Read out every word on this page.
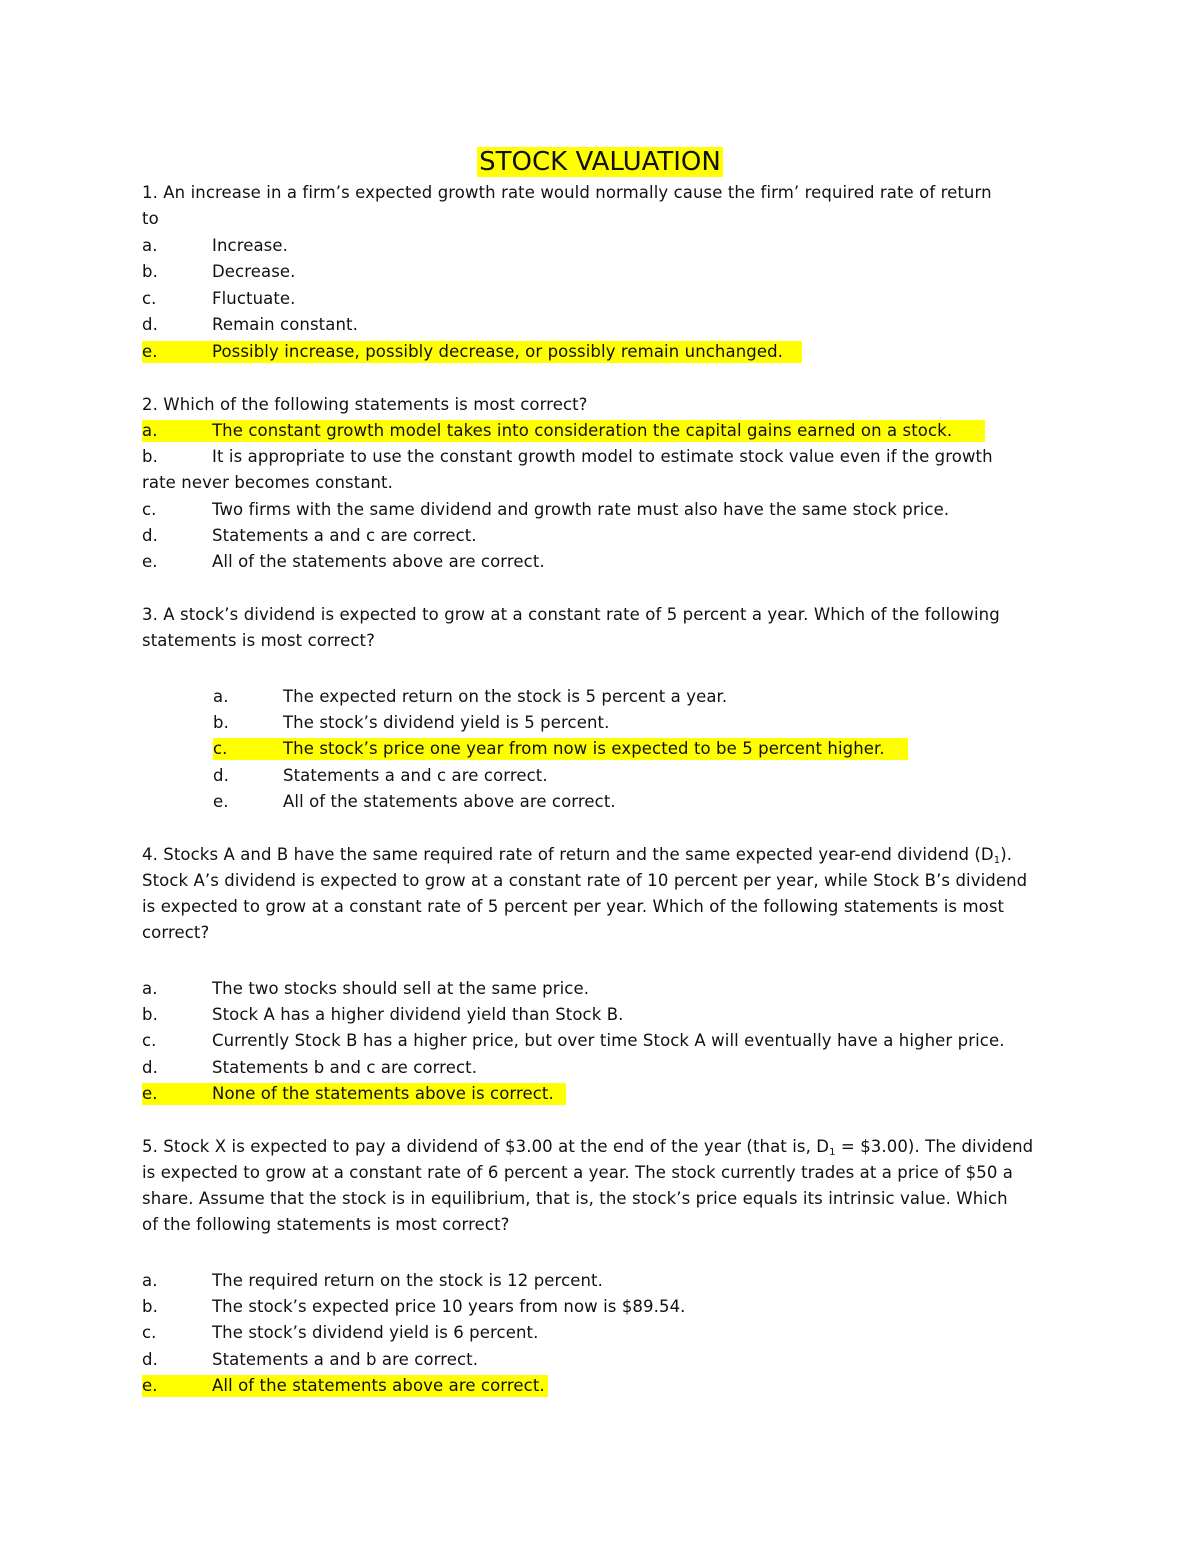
STOCK VALUATION
1. An increase in a firm’s expected growth rate would normally cause the firm’ required rate of return
to
a.	Increase.
b.	Decrease.
c.	Fluctuate.
d.	Remain constant.
e.	Possibly increase, possibly decrease, or possibly remain unchanged.
2. Which of the following statements is most correct?
a.	The constant growth model takes into consideration the capital gains earned on a stock.
b.	It is appropriate to use the constant growth model to estimate stock value even if the growth
rate never becomes constant.
c.	Two firms with the same dividend and growth rate must also have the same stock price.
d.	Statements a and c are correct.
e.	All of the statements above are correct.
3. A stock’s dividend is expected to grow at a constant rate of 5 percent a year. Which of the following
statements is most correct?
a.	The expected return on the stock is 5 percent a year.
b.	The stock’s dividend yield is 5 percent.
c.	The stock’s price one year from now is expected to be 5 percent higher.
d.	Statements a and c are correct.
e.	All of the statements above are correct.
4. Stocks A and B have the same required rate of return and the same expected year-end dividend $(D_1)$.
Stock A’s dividend is expected to grow at a constant rate of 10 percent per year, while Stock B’s dividend
is expected to grow at a constant rate of 5 percent per year. Which of the following statements is most
correct?
a.	The two stocks should sell at the same price.
b.	Stock A has a higher dividend yield than Stock B.
c.	Currently Stock B has a higher price, but over time Stock A will eventually have a higher price.
d.	Statements b and c are correct.
e.	None of the statements above is correct.
5. Stock X is expected to pay a dividend of $3.00 at the end of the year (that is, $D_1$ = $3.00). The dividend
is expected to grow at a constant rate of 6 percent a year. The stock currently trades at a price of $50 a
share. Assume that the stock is in equilibrium, that is, the stock’s price equals its intrinsic value. Which
of the following statements is most correct?
a.	The required return on the stock is 12 percent.
b.	The stock’s expected price 10 years from now is $89.54.
c.	The stock’s dividend yield is 6 percent.
d.	Statements a and b are correct.
e.	All of the statements above are correct.
